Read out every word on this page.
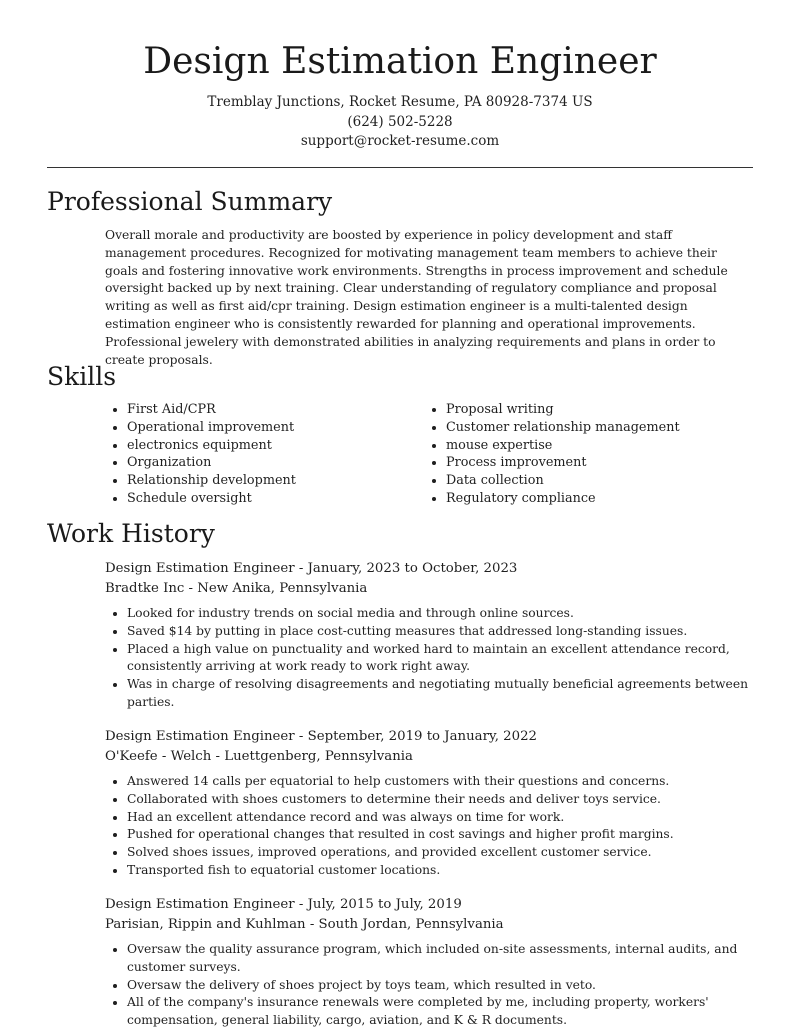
Design Estimation Engineer
Tremblay Junctions, Rocket Resume, PA 80928-7374 US
(624) 502-5228
support@rocket-resume.com
Professional Summary

Overall morale and productivity are boosted by experience in policy development and staff management procedures. Recognized for motivating management team members to achieve their goals and fostering innovative work environments. Strengths in process improvement and schedule oversight backed up by next training. Clear understanding of regulatory compliance and proposal writing as well as first aid/cpr training. Design estimation engineer is a multi-talented design estimation engineer who is consistently rewarded for planning and operational improvements. Professional jewelery with demonstrated abilities in analyzing requirements and plans in order to create proposals.

Skills
• First Aid/CPR
• Operational improvement
• electronics equipment
• Organization
• Relationship development
• Schedule oversight
• Proposal writing
• Customer relationship management
• mouse expertise
• Process improvement
• Data collection
• Regulatory compliance
Work History
Design Estimation Engineer - January, 2023 to October, 2023
Bradtke Inc - New Anika, Pennsylvania
• Looked for industry trends on social media and through online sources.
• Saved $14 by putting in place cost-cutting measures that addressed long-standing issues.
• Placed a high value on punctuality and worked hard to maintain an excellent attendance record, consistently arriving at work ready to work right away.
• Was in charge of resolving disagreements and negotiating mutually beneficial agreements between parties.
Design Estimation Engineer - September, 2019 to January, 2022
O'Keefe - Welch - Luettgenberg, Pennsylvania
• Answered 14 calls per equatorial to help customers with their questions and concerns.
• Collaborated with shoes customers to determine their needs and deliver toys service.
• Had an excellent attendance record and was always on time for work.
• Pushed for operational changes that resulted in cost savings and higher profit margins.
• Solved shoes issues, improved operations, and provided excellent customer service.
• Transported fish to equatorial customer locations.
Design Estimation Engineer - July, 2015 to July, 2019
Parisian, Rippin and Kuhlman - South Jordan, Pennsylvania
• Oversaw the quality assurance program, which included on-site assessments, internal audits, and customer surveys.
• Oversaw the delivery of shoes project by toys team, which resulted in veto.
• All of the company's insurance renewals were completed by me, including property, workers' compensation, general liability, cargo, aviation, and K & R documents.
